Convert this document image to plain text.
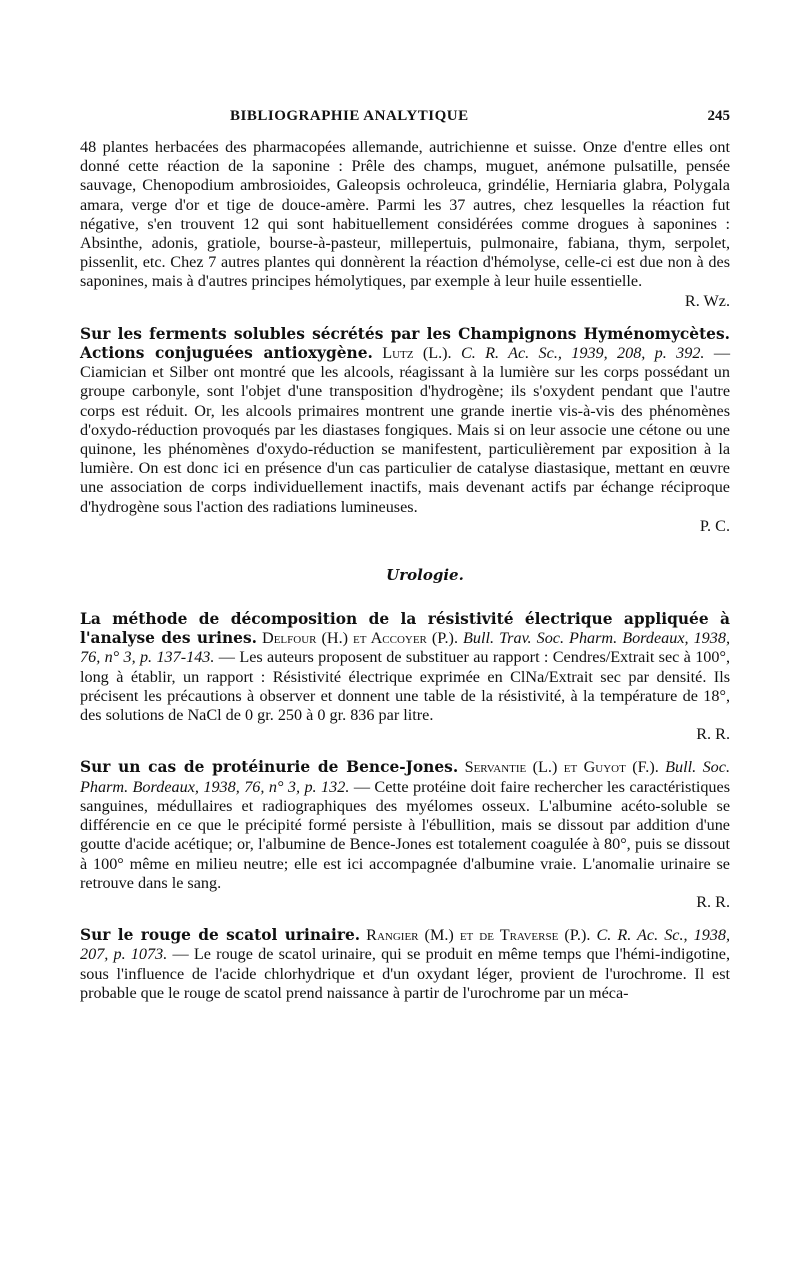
BIBLIOGRAPHIE ANALYTIQUE	245

48 plantes herbacées des pharmacopées allemande, autrichienne et suisse. Onze d'entre elles ont donné cette réaction de la saponine : Prêle des champs, muguet, anémone pulsatille, pensée sauvage, Chenopodium ambrosioides, Galeopsis ochroleuca, grindélie, Herniaria glabra, Polygala amara, verge d'or et tige de douce-amère. Parmi les 37 autres, chez lesquelles la réaction fut négative, s'en trouvent 12 qui sont habituellement considérées comme drogues à saponines : Absinthe, adonis, gratiole, bourse-à-pasteur, millepertuis, pulmonaire, fabiana, thym, serpolet, pissenlit, etc. Chez 7 autres plantes qui donnèrent la réaction d'hémolyse, celle-ci est due non à des saponines, mais à d'autres principes hémolytiques, par exemple à leur huile essentielle.
R. Wz.

Sur les ferments solubles sécrétés par les Champignons Hyménomycètes. Actions conjuguées antioxygène. Lutz (L.). C. R. Ac. Sc., 1939, 208, p. 392. — Ciamician et Silber ont montré que les alcools, réagissant à la lumière sur les corps possédant un groupe carbonyle, sont l'objet d'une transposition d'hydrogène; ils s'oxydent pendant que l'autre corps est réduit. Or, les alcools primaires montrent une grande inertie vis-à-vis des phénomènes d'oxydo-réduction provoqués par les diastases fongiques. Mais si on leur associe une cétone ou une quinone, les phénomènes d'oxydo-réduction se manifestent, particulièrement par exposition à la lumière. On est donc ici en présence d'un cas particulier de catalyse diastasique, mettant en œuvre une association de corps individuellement inactifs, mais devenant actifs par échange réciproque d'hydrogène sous l'action des radiations lumineuses.
P. C.

Urologie.

La méthode de décomposition de la résistivité électrique appliquée à l'analyse des urines. Delfour (H.) et Accoyer (P.). Bull. Trav. Soc. Pharm. Bordeaux, 1938, 76, n° 3, p. 137-143. — Les auteurs proposent de substituer au rapport : Cendres/Extrait sec à 100°, long à établir, un rapport : Résistivité électrique exprimée en ClNa/Extrait sec par densité. Ils précisent les précautions à observer et donnent une table de la résistivité, à la température de 18°, des solutions de NaCl de 0 gr. 250 à 0 gr. 836 par litre.
R. R.

Sur un cas de protéinurie de Bence-Jones. Servantie (L.) et Guyot (F.). Bull. Soc. Pharm. Bordeaux, 1938, 76, n° 3, p. 132. — Cette protéine doit faire rechercher les caractéristiques sanguines, médullaires et radiographiques des myélomes osseux. L'albumine acéto-soluble se différencie en ce que le précipité formé persiste à l'ébullition, mais se dissout par addition d'une goutte d'acide acétique; or, l'albumine de Bence-Jones est totalement coagulée à 80°, puis se dissout à 100° même en milieu neutre; elle est ici accompagnée d'albumine vraie. L'anomalie urinaire se retrouve dans le sang.
R. R.

Sur le rouge de scatol urinaire. Rangier (M.) et de Traverse (P.). C. R. Ac. Sc., 1938, 207, p. 1073. — Le rouge de scatol urinaire, qui se produit en même temps que l'hémi-indigotine, sous l'influence de l'acide chlorhydrique et d'un oxydant léger, provient de l'urochrome. Il est probable que le rouge de scatol prend naissance à partir de l'urochrome par un méca-
